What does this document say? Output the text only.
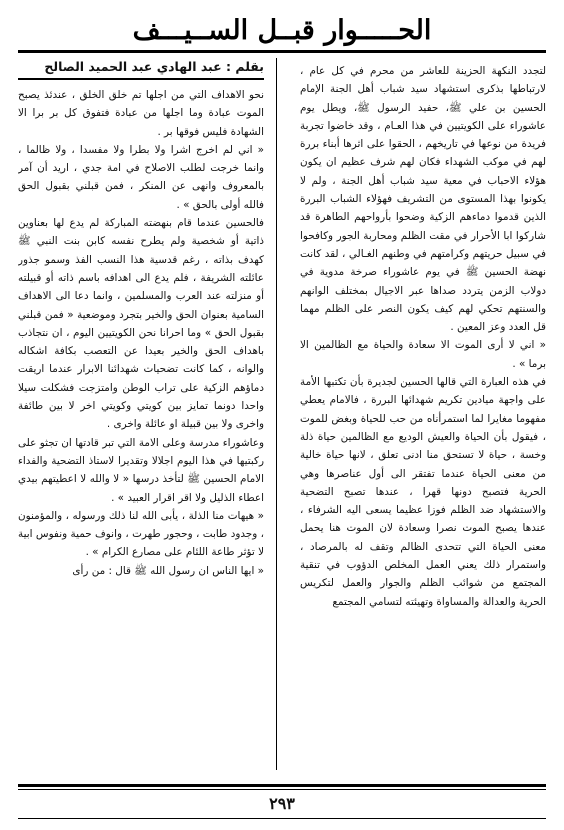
الحـــــوار قبــل الســيـــف

لتجدد النكهة الحزينة للعاشر من محرم في كل عام ، لارتباطها بذكرى استشهاد سيد شباب أهل الجنة الإمام الحسين بن علي ﷺ، حفيد الرسول ﷺ، ويطل يوم عاشوراء على الكويتيين في هذا العـام ، وقد خاضوا تجربة فريدة من نوعها في تاريخهم ، الحقوا على اثرها أبناء بررة لهم في موكب الشهداء فكان لهم شرف عظيم ان يكون هؤلاء الاحباب في معية سيد شباب أهل الجنة ، ولم لا يكونوا بهذا المستوى من التشريف فهؤلاء الشباب البررة الذين قدموا دماءهم الزكية وضحوا بأرواحهم الطاهرة قد شاركوا ابا الأحرار في مقت الظلم ومحاربة الجور وكافحوا في سبيل حريتهم وكرامتهم في وطنهم الغـالي ، لقد كانت نهضة الحسين ﷺ في يوم عاشوراء صرخة مدوية في دولاب الزمن يتردد صداها عبر الاجيال بمختلف الوانهم والسنتهم تحكي لهم كيف يكون النصر على الظلم مهما قل العدد وعز المعين .

« اني لا أرى الموت الا سعادة والحياة مع الظالمين الا برما » .

في هذه العبارة التي قالها الحسين لجديرة بأن تكتبها الأمة على واجهة ميادين تكريم شهدائها البررة ، فالامام يعطي مفهوما مغايرا لما استمرأناه من حب للحياة وبغض للموت ، فيقول بأن الحياة والعيش الوديع مع الظالمين حياة ذلة وخسة ، حياة لا تستحق منا ادنى تعلق ، لانها حياة خالية من معنى الحياة عندما تفتقر الى أول عناصرها وهي الحرية فتصبح دونها قهرا ، عندها تصبح التضحية والاستشهاد ضد الظلم فوزا عظيما يسعى اليه الشرفاء ، عندها يصبح الموت نصرا وسعادة لان الموت هنا يحمل معنى الحياة التي تتحدى الظالم وتقف له بالمرصاد ، واستمرار ذلك يعني العمل المخلص الدؤوب في تنقية المجتمع من شوائب الظلم والجوار والعمل لتكريس الحرية والعدالة والمساواة وتهيئته لتسامي المجتمع

بقلم : عبد الهادي عبد الحميد الصالح

نحو الاهداف التي من اجلها تم خلق الخلق ، عندئذ يصبح الموت عبادة وما اجلها من عبادة فتفوق كل بر برا الا الشهادة فليس فوقها بر .

« اني لم اخرج اشرا ولا بطرا ولا مفسدا ، ولا ظالما ، وانما خرجت لطلب الاصلاح في امة جدي ، اريد أن آمر بالمعروف وانهى عن المنكر ، فمن قبلني بقبول الحق فالله أولى بالحق » .

فالحسين عندما قام بنهضته المباركة لم يدع لها بعناوين ذاتية أو شخصية ولم يطرح نفسه كابن بنت النبي ﷺ كهدف بذاته ، رغم قدسية هذا النسب الفذ وسمو جذور عائلته الشريفة ، فلم يدع الى اهدافه باسم ذاته أو قبيلته أو منزلته عند العرب والمسلمين ، وانما دعا الى الاهداف السامية بعنوان الحق والخير بتجرد وموضعية « فمن قبلني بقبول الحق » وما احرانا نحن الكويتيين اليوم ، ان نتجاذب باهداف الحق والخير بعيدا عن التعصب بكافة اشكاله والوانه ، كما كانت تضحيات شهدائنا الابرار عندما اريقت دماؤهم الزكية على تراب الوطن وامتزجت فشكلت سيلا واحدا دونما تمايز بين كويتي وكويتي اخر لا بين طائفة واخرى ولا بين قبيلة او عائلة واخرى .

وعاشوراء مدرسة وعلى الامة التي تبر قادتها ان تجثو على ركبتيها في هذا اليوم اجلالا وتقديرا لاستاذ التضحية والفداء الامام الحسين ﷺ لتأخذ درسها « لا والله لا اعطيتهم بيدي اعطاء الذليل ولا اقر اقرار العبيد » .

« هيهات منا الذلة ، يأبى الله لنا ذلك ورسوله ، والمؤمنون ، وجدود طابت ، وحجور طهرت ، وانوف حمية ونفوس ابية لا تؤثر طاعة اللئام على مصارع الكرام » .

« ايها الناس ان رسول الله ﷺ قال : من رأى

٢٩٣
